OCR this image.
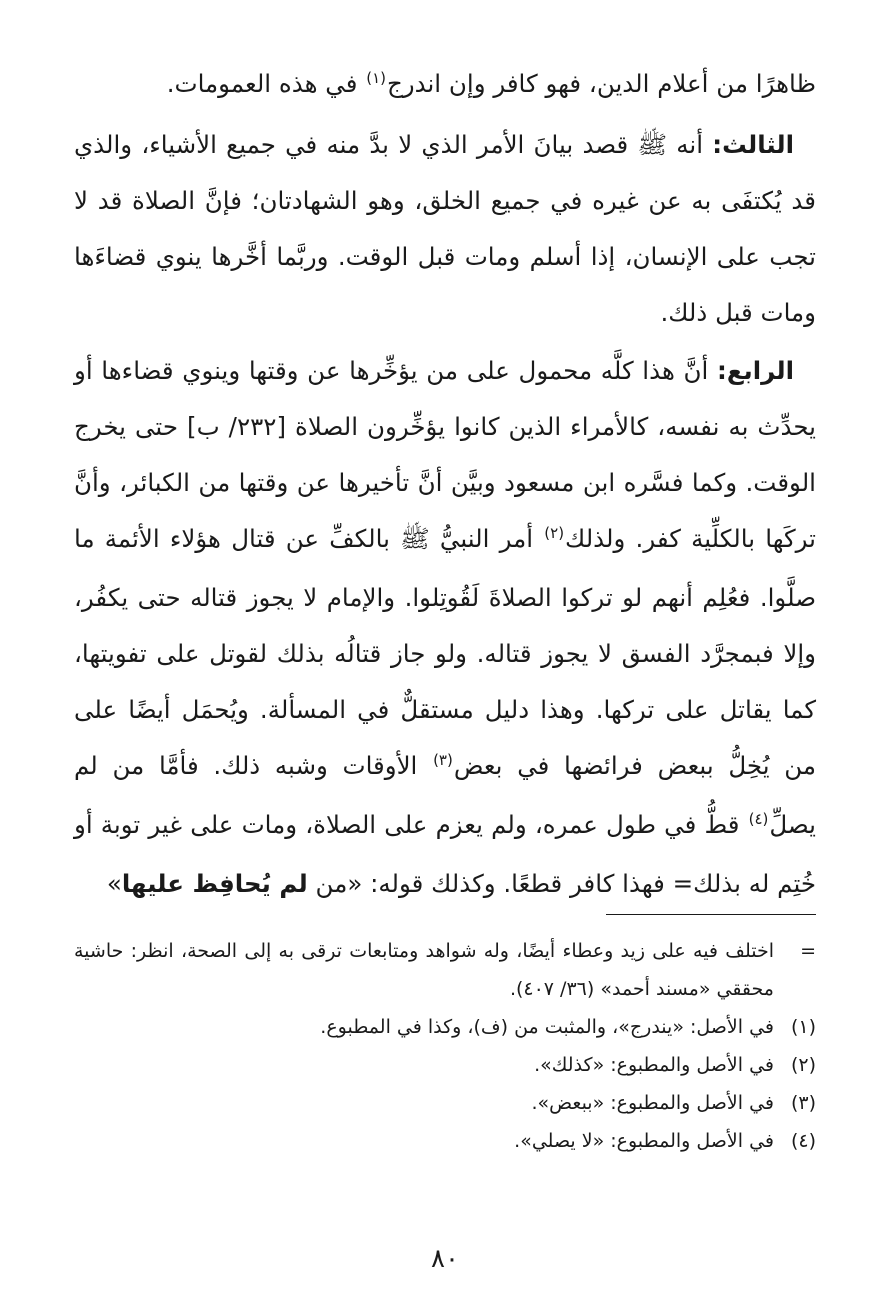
ظاهرًا من أعلام الدين، فهو كافر وإن اندرج$^{(١)}$ في هذه العمومات.

الثالث: أنه ﷺ قصد بيانَ الأمر الذي لا بدَّ منه في جميع الأشياء، والذي قد يُكتفَى به عن غيره في جميع الخلق، وهو الشهادتان؛ فإنَّ الصلاة قد لا تجب على الإنسان، إذا أسلم ومات قبل الوقت. وربَّما أخَّرها ينوي قضاءَها ومات قبل ذلك.

الرابع: أنَّ هذا كلَّه محمول على من يؤخِّرها عن وقتها وينوي قضاءها أو يحدِّث به نفسه، كالأمراء الذين كانوا يؤخِّرون الصلاة [٢٣٢/ ب] حتى يخرج الوقت. وكما فسَّره ابن مسعود وبيَّن أنَّ تأخيرها عن وقتها من الكبائر، وأنَّ تركَها بالكلِّية كفر. ولذلك$^{(٢)}$ أمر النبيُّ ﷺ بالكفِّ عن قتال هؤلاء الأئمة ما صلَّوا. فعُلِم أنهم لو تركوا الصلاةَ لَقُوتِلوا. والإمام لا يجوز قتاله حتى يكفُر، وإلا فبمجرَّد الفسق لا يجوز قتاله. ولو جاز قتالُه بذلك لقوتل على تفويتها، كما يقاتل على تركها. وهذا دليل مستقلٌّ في المسألة. ويُحمَل أيضًا على من يُخِلُّ ببعض فرائضها في بعض$^{(٣)}$ الأوقات وشبه ذلك. فأمَّا من لم يصلِّ$^{(٤)}$ قطُّ في طول عمره، ولم يعزم على الصلاة، ومات على غير توبة أو خُتِم له بذلك= فهذا كافر قطعًا. وكذلك قوله: «من لم يُحافِظ عليها»

=
اختلف فيه على زيد وعطاء أيضًا، وله شواهد ومتابعات ترقى به إلى الصحة، انظر: حاشية محققي «مسند أحمد» (٣٦/ ٤٠٧).

(١)
في الأصل: «يندرج»، والمثبت من (ف)، وكذا في المطبوع.

(٢)
في الأصل والمطبوع: «كذلك».

(٣)
في الأصل والمطبوع: «ببعض».

(٤)
في الأصل والمطبوع: «لا يصلي».

٨٠
